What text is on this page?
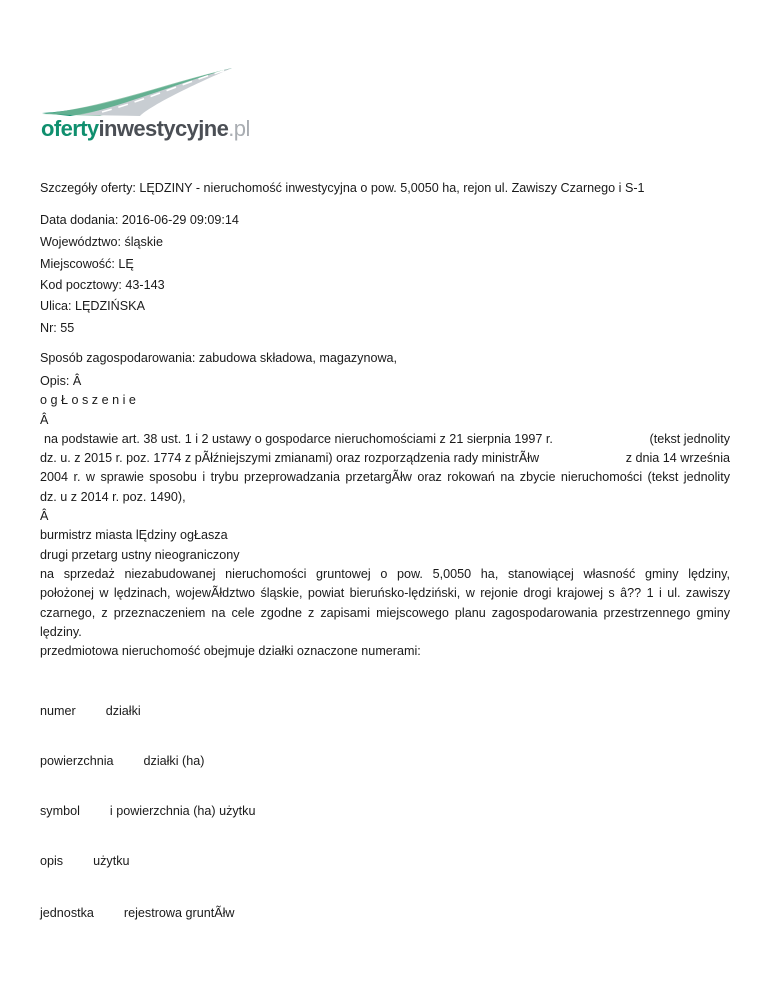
ofertyinwestycyjne.pl
Szczegóły oferty: LĘDZINY - nieruchomość inwestycyjna o pow. 5,0050 ha, rejon ul. Zawiszy Czarnego i S-1
Data dodania: 2016-06-29 09:09:14
Województwo: śląskie
Miejscowość: LĘ
Kod pocztowy: 43-143
Ulica: LĘDZIŃSKA
Nr: 55
Sposób zagospodarowania: zabudowa składowa, magazynowa,
Opis: Â
o g Ł o s z e n i e
Â
na podstawie art. 38 ust. 1 i 2 ustawy o gospodarce nieruchomościami z 21 sierpnia 1997 r.	(tekst jednolity
dz. u. z 2015 r. poz. 1774 z pÃłźniejszymi zmianami) oraz rozporządzenia rady ministrÃłw	z dnia 14 września
2004 r. w sprawie sposobu i trybu przeprowadzania przetargÃłw oraz rokowań na zbycie nieruchomości (tekst jednolity
dz. u z 2014 r. poz. 1490),
Â
burmistrz miasta lĘdziny ogŁasza
drugi przetarg ustny nieograniczony
na sprzedaż niezabudowanej nieruchomości gruntowej o pow. 5,0050 ha, stanowiącej własność gminy lędziny,
położonej w lędzinach, wojewÃłdztwo śląskie, powiat bieruńsko-lędziński, w rejonie drogi krajowej s â?? 1 i ul. zawiszy
czarnego, z przeznaczeniem na cele zgodne z zapisami miejscowego planu zagospodarowania przestrzennego gminy
lędziny.
przedmiotowa nieruchomość obejmuje działki oznaczone numerami:
numer działki
powierzchnia działki (ha)
symbol i powierzchnia (ha) użytku
opis użytku
jednostka rejestrowa gruntÃłw
